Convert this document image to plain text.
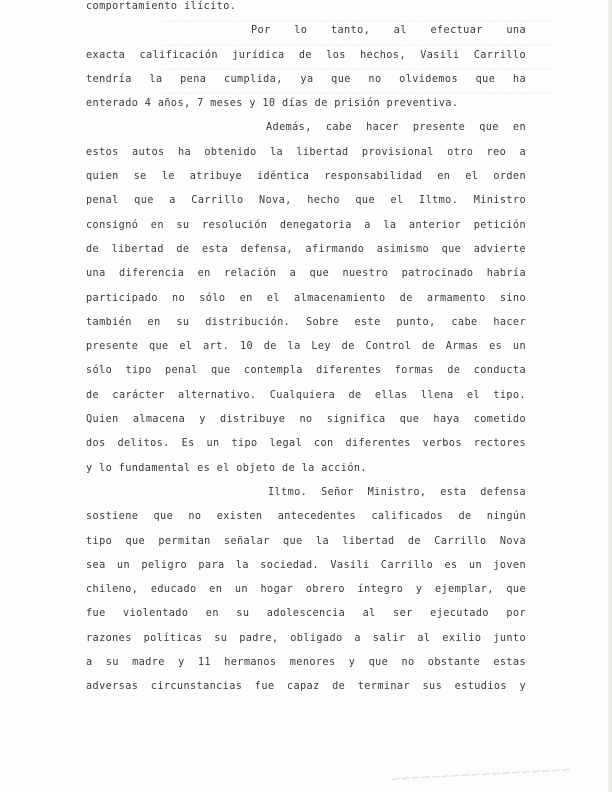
~~~~~~~~~~~~~~~~~~~~~~~~~~~~~~~~~~~~~~~~~~~~~~~~~~~~~~~~~~~~~~~~~~~~~~~~
~~~~~~~~~~~~~~~~~~~~~~~~~~~~~~~~~~~~~~~~~~~~~~~~~~~~~~~~~~~~~~~~~~~~~~~~
~~~~~~~~~~~~~~~~~~~~~~~~~~~~~~~~~~~~~~~~~~~~~~~~~~~~~~~~~~~~~~~~~~~~~~~~
~~~~~~~~~~~~~~~~~~~~~~~~~~~~~~~~~~~~~~~~~~~~~~~~~~~~~~~~~~~~~~~~~~~~~~~~
comportamiento ilícito.
Por lo tanto, al efectuar una
exacta calificación jurídica de los hechos, Vasili Carrillo
tendría la pena cumplida, ya que no olvidemos que ha
enterado 4 años, 7 meses y 10 días de prisión preventiva.
Además, cabe hacer presente que en
estos autos ha obtenido la libertad provisional otro reo a
quien se le atribuye idéntica responsabilidad en el orden
penal que a Carrillo Nova, hecho que el Iltmo. Ministro
consignó en su resolución denegatoria a la anterior petición
de libertad de esta defensa, afirmando asimismo que advierte
una diferencia en relación a que nuestro patrocinado habría
participado no sólo en el almacenamiento de armamento sino
también en su distribución. Sobre este punto, cabe hacer
presente que el art. 10 de la Ley de Control de Armas es un
sólo tipo penal que contempla diferentes formas de conducta
de carácter alternativo. Cualquiera de ellas llena el tipo.
Quien almacena y distribuye no significa que haya cometido
dos delitos. Es un tipo legal con diferentes verbos rectores
y lo fundamental es el objeto de la acción.
Iltmo. Señor Ministro, esta defensa
sostiene que no existen antecedentes calificados de ningún
tipo que permitan señalar que la libertad de Carrillo Nova
sea un peligro para la sociedad. Vasili Carrillo es un joven
chileno, educado en un hogar obrero íntegro y ejemplar, que
fue violentado en su adolescencia al ser ejecutado por
razones políticas su padre, obligado a salir al exilio junto
a su madre y 11 hermanos menores y que no obstante estas
adversas circunstancias fue capaz de terminar sus estudios y
~~~~~~~~~~~~~~~~~~
